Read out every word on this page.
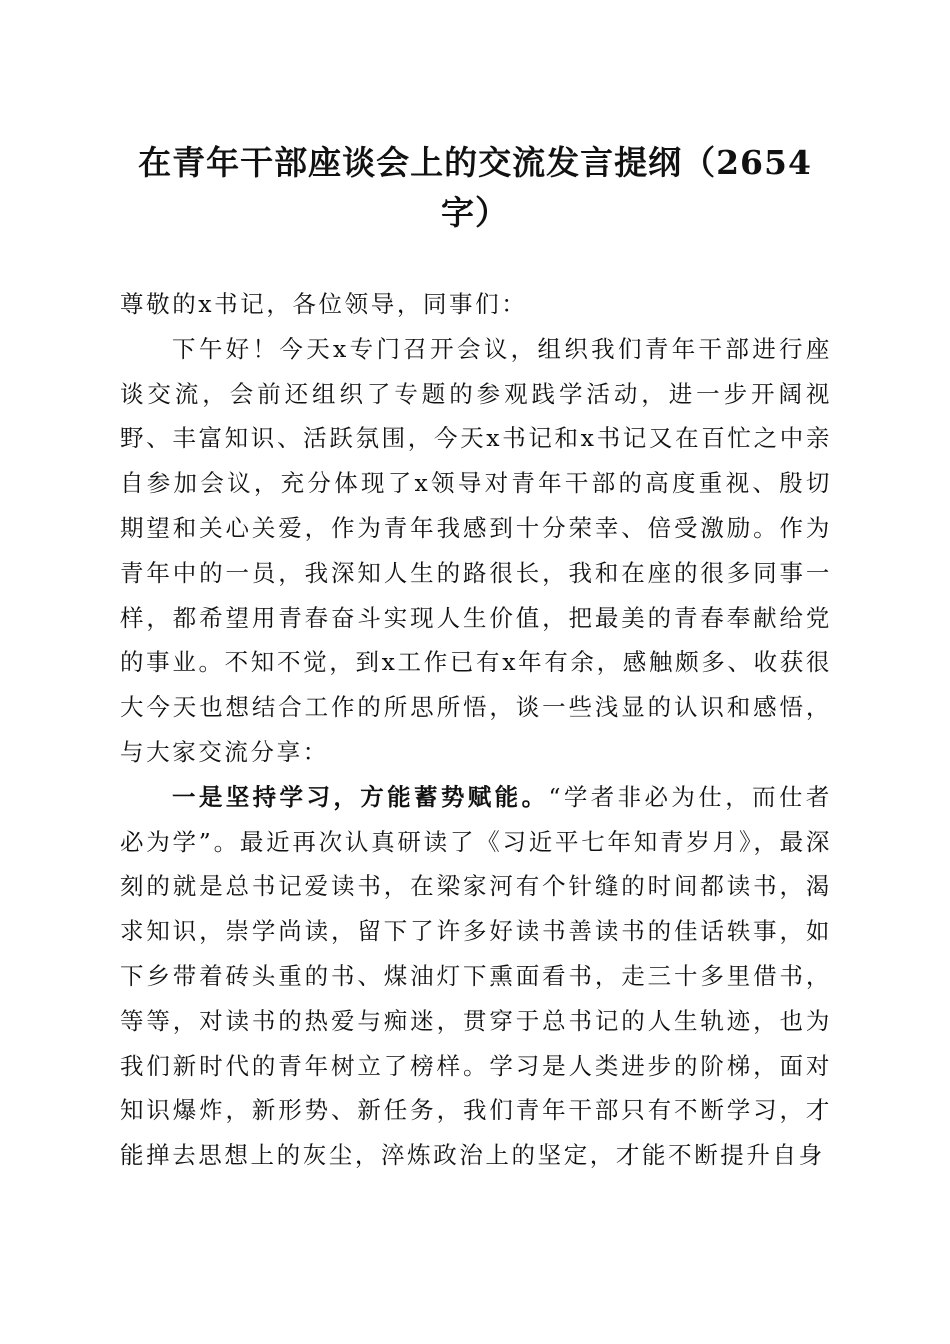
在青年干部座谈会上的交流发言提纲（2654字）

尊敬的x书记，各位领导，同事们：

下午好！今天x专门召开会议，组织我们青年干部进行座谈交流，会前还组织了专题的参观践学活动，进一步开阔视野、丰富知识、活跃氛围，今天x书记和x书记又在百忙之中亲自参加会议，充分体现了x领导对青年干部的高度重视、殷切期望和关心关爱，作为青年我感到十分荣幸、倍受激励。作为青年中的一员，我深知人生的路很长，我和在座的很多同事一样，都希望用青春奋斗实现人生价值，把最美的青春奉献给党的事业。不知不觉，到x工作已有x年有余，感触颇多、收获很大今天也想结合工作的所思所悟，谈一些浅显的认识和感悟，与大家交流分享：

一是坚持学习，方能蓄势赋能。“学者非必为仕，而仕者必为学”。最近再次认真研读了《习近平七年知青岁月》，最深刻的就是总书记爱读书，在梁家河有个针缝的时间都读书，渴求知识，崇学尚读，留下了许多好读书善读书的佳话轶事，如下乡带着砖头重的书、煤油灯下熏面看书，走三十多里借书，等等，对读书的热爱与痴迷，贯穿于总书记的人生轨迹，也为我们新时代的青年树立了榜样。学习是人类进步的阶梯，面对知识爆炸，新形势、新任务，我们青年干部只有不断学习，才能掸去思想上的灰尘，淬炼政治上的坚定，才能不断提升自身
